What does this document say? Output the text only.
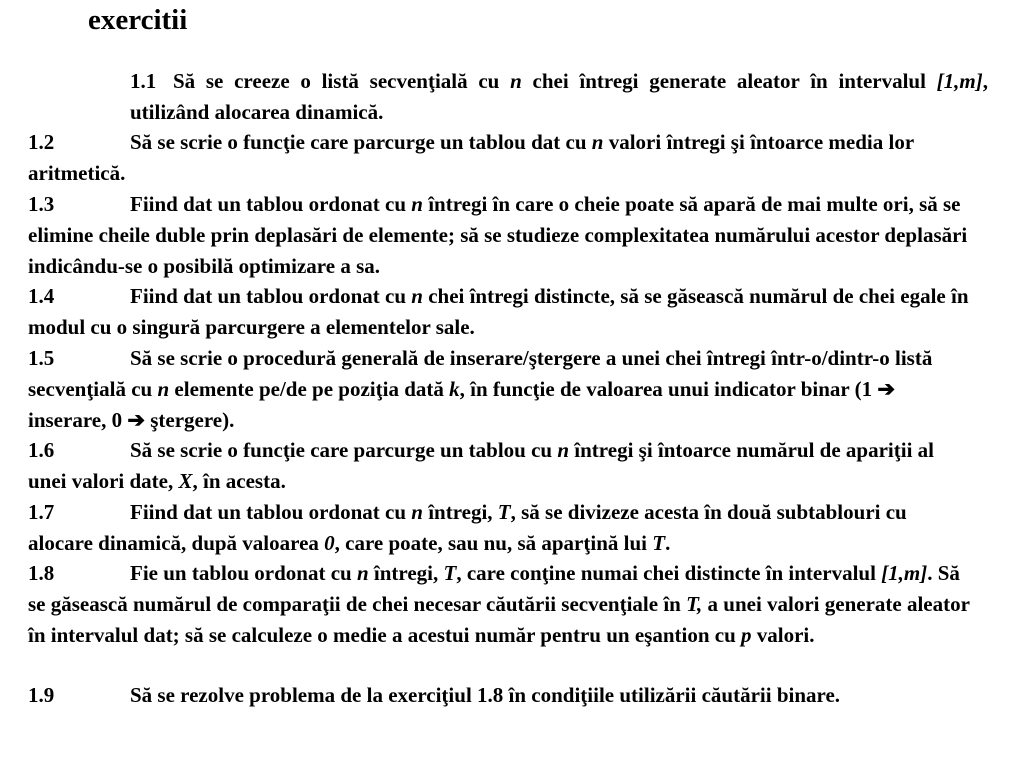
exercitii

1.1 Să se creeze o listă secvenţială cu n chei întregi generate aleator în intervalul [1,m], utilizând alocarea dinamică.

1.2	Să se scrie o funcţie care parcurge un tablou dat cu n valori întregi şi întoarce media lor aritmetică.

1.3	Fiind dat un tablou ordonat cu n întregi în care o cheie poate să apară de mai multe ori, să se elimine cheile duble prin deplasări de elemente; să se studieze complexitatea numărului acestor deplasări indicându-se o posibilă optimizare a sa.

1.4	Fiind dat un tablou ordonat cu n chei întregi distincte, să se găsească numărul de chei egale în modul cu o singură parcurgere a elementelor sale.

1.5	Să se scrie o procedură generală de inserare/ştergere a unei chei întregi într-o/dintr-o listă secvenţială cu n elemente pe/de pe poziţia dată k, în funcţie de valoarea unui indicator binar (1 ➔ inserare, 0 ➔ ştergere).

1.6	Să se scrie o funcţie care parcurge un tablou cu n întregi şi întoarce numărul de apariţii al unei valori date, X, în acesta.

1.7	Fiind dat un tablou ordonat cu n întregi, T, să se divizeze acesta în două subtablouri cu alocare dinamică, după valoarea 0, care poate, sau nu, să aparţină lui T.

1.8	Fie un tablou ordonat cu n întregi, T, care conţine numai chei distincte în intervalul [1,m]. Să se găsească numărul de comparaţii de chei necesar căutării secvenţiale în T, a unei valori generate aleator în intervalul dat; să se calculeze o medie a acestui număr pentru un eşantion cu p valori.

1.9	Să se rezolve problema de la exerciţiul 1.8 în condiţiile utilizării căutării binare.
